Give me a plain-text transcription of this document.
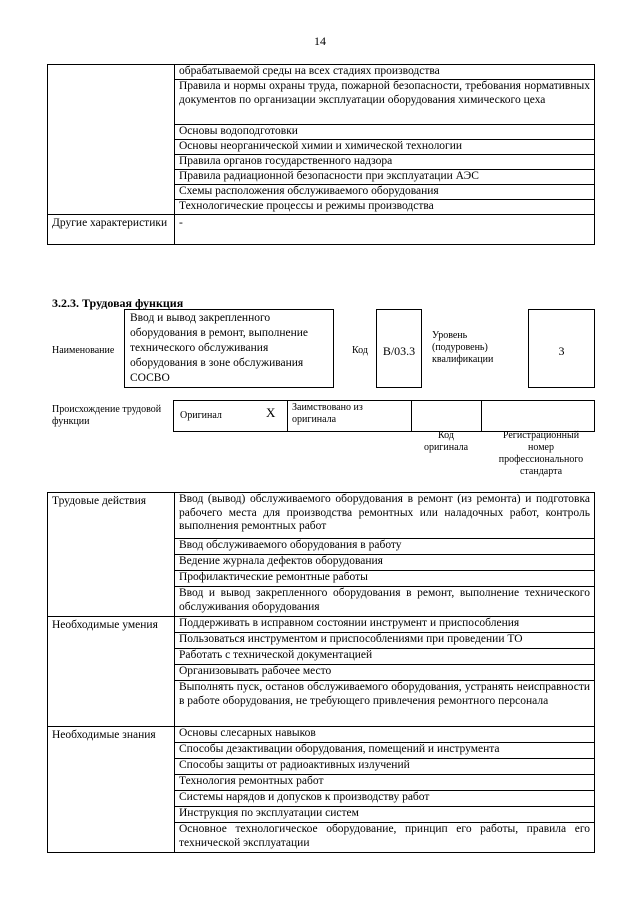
14
	обрабатываемой среды на всех стадиях производства
	Правила и нормы охраны труда, пожарной безопасности, требования нормативных документов по организации эксплуатации оборудования химического цеха
	Основы водоподготовки
	Основы неорганической химии и химической технологии
	Правила органов государственного надзора
	Правила радиационной безопасности при эксплуатации АЭС
	Схемы расположения обслуживаемого оборудования
	Технологические процессы и режимы производства
Другие характеристики	-
3.2.3. Трудовая функция
Наименование
Ввод и вывод закрепленного оборудования в ремонт, выполнение технического обслуживания оборудования в зоне обслуживания СОСВО
Код	В/03.3
Уровень (подуровень) квалификации
3
Происхождение трудовой функции
Оригинал	X Заимствовано из оригинала
Код оригинала
Регистрационный номер профессионального стандарта
Трудовые действия	Ввод (вывод) обслуживаемого оборудования в ремонт (из ремонта) и подготовка рабочего места для производства ремонтных или наладочных работ, контроль выполнения ремонтных работ
	Ввод обслуживаемого оборудования в работу
	Ведение журнала дефектов оборудования
	Профилактические ремонтные работы
	Ввод и вывод закрепленного оборудования в ремонт, выполнение технического обслуживания оборудования
Необходимые умения	Поддерживать в исправном состоянии инструмент и приспособления
	Пользоваться инструментом и приспособлениями при проведении ТО
	Работать с технической документацией
	Организовывать рабочее место
	Выполнять пуск, останов обслуживаемого оборудования, устранять неисправности в работе оборудования, не требующего привлечения ремонтного персонала
Необходимые знания	Основы слесарных навыков
	Способы дезактивации оборудования, помещений и инструмента
	Способы защиты от радиоактивных излучений
	Технология ремонтных работ
	Системы нарядов и допусков к производству работ
	Инструкция по эксплуатации систем
	Основное технологическое оборудование, принцип его работы, правила его технической эксплуатации
